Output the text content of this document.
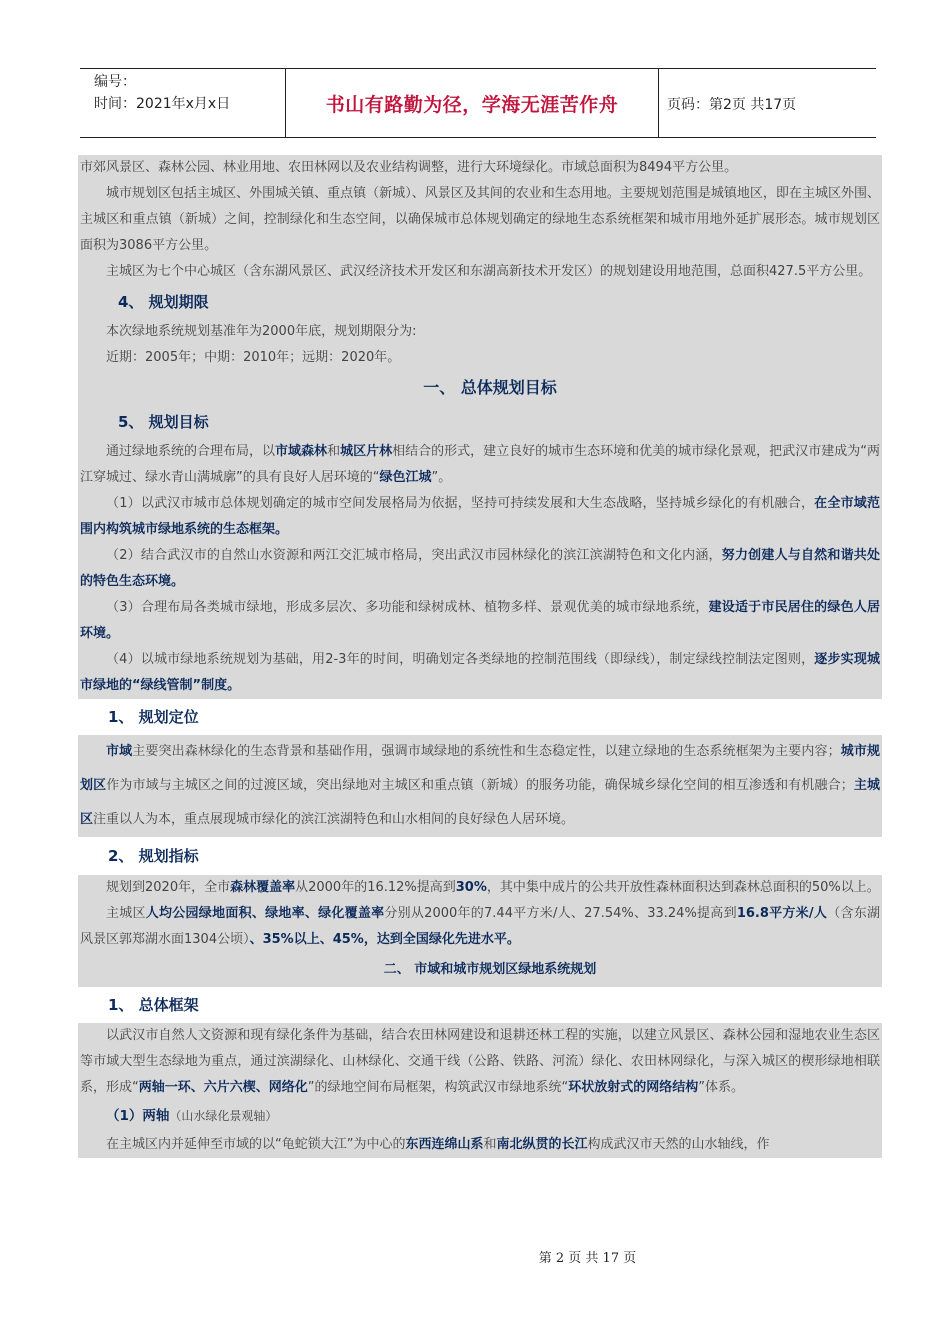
编号：
时间：2021年x月x日	书山有路勤为径，学海无涯苦作舟	页码：第2页 共17页

市郊风景区、森林公园、林业用地、农田林网以及农业结构调整，进行大环境绿化。市域总面积为8494平方公里。

城市规划区包括主城区、外围城关镇、重点镇（新城）、风景区及其间的农业和生态用地。主要规划范围是城镇地区，即在主城区外围、主城区和重点镇（新城）之间，控制绿化和生态空间，以确保城市总体规划确定的绿地生态系统框架和城市用地外延扩展形态。城市规划区面积为3086平方公里。

主城区为七个中心城区（含东湖风景区、武汉经济技术开发区和东湖高新技术开发区）的规划建设用地范围，总面积427.5平方公里。

4、 规划期限

本次绿地系统规划基准年为2000年底，规划期限分为:

近期：2005年；中期：2010年；远期：2020年。

一、 总体规划目标
5、 规划目标

通过绿地系统的合理布局，以市域森林和城区片林相结合的形式，建立良好的城市生态环境和优美的城市绿化景观，把武汉市建成为“两江穿城过、绿水青山满城廓”的具有良好人居环境的“绿色江城”。

（1）以武汉市城市总体规划确定的城市空间发展格局为依据，坚持可持续发展和大生态战略，坚持城乡绿化的有机融合，在全市域范围内构筑城市绿地系统的生态框架。

（2）结合武汉市的自然山水资源和两江交汇城市格局，突出武汉市园林绿化的滨江滨湖特色和文化内涵，努力创建人与自然和谐共处的特色生态环境。

（3）合理布局各类城市绿地，形成多层次、多功能和绿树成林、植物多样、景观优美的城市绿地系统，建设适于市民居住的绿色人居环境。

（4）以城市绿地系统规划为基础，用2-3年的时间，明确划定各类绿地的控制范围线（即绿线），制定绿线控制法定图则，逐步实现城市绿地的“绿线管制”制度。

1、 规划定位

市域主要突出森林绿化的生态背景和基础作用，强调市域绿地的系统性和生态稳定性，以建立绿地的生态系统框架为主要内容；城市规划区作为市域与主城区之间的过渡区域，突出绿地对主城区和重点镇（新城）的服务功能，确保城乡绿化空间的相互渗透和有机融合；主城区注重以人为本，重点展现城市绿化的滨江滨湖特色和山水相间的良好绿色人居环境。

2、 规划指标

规划到2020年，全市森林覆盖率从2000年的16.12%提高到30%，其中集中成片的公共开放性森林面积达到森林总面积的50%以上。

主城区人均公园绿地面积、绿地率、绿化覆盖率分别从2000年的7.44平方米/人、27.54%、33.24%提高到16.8平方米/人（含东湖风景区郭郑湖水面1304公顷）、35%以上、45%，达到全国绿化先进水平。

二、 市域和城市规划区绿地系统规划
1、 总体框架

以武汉市自然人文资源和现有绿化条件为基础，结合农田林网建设和退耕还林工程的实施，以建立风景区、森林公园和湿地农业生态区等市域大型生态绿地为重点，通过滨湖绿化、山林绿化、交通干线（公路、铁路、河流）绿化、农田林网绿化，与深入城区的楔形绿地相联系，形成“两轴一环、六片六楔、网络化”的绿地空间布局框架，构筑武汉市绿地系统“环状放射式的网络结构”体系。

（1）两轴（山水绿化景观轴）

在主城区内并延伸至市域的以“龟蛇锁大江”为中心的东西连绵山系和南北纵贯的长江构成武汉市天然的山水轴线，作

第 2 页 共 17 页
